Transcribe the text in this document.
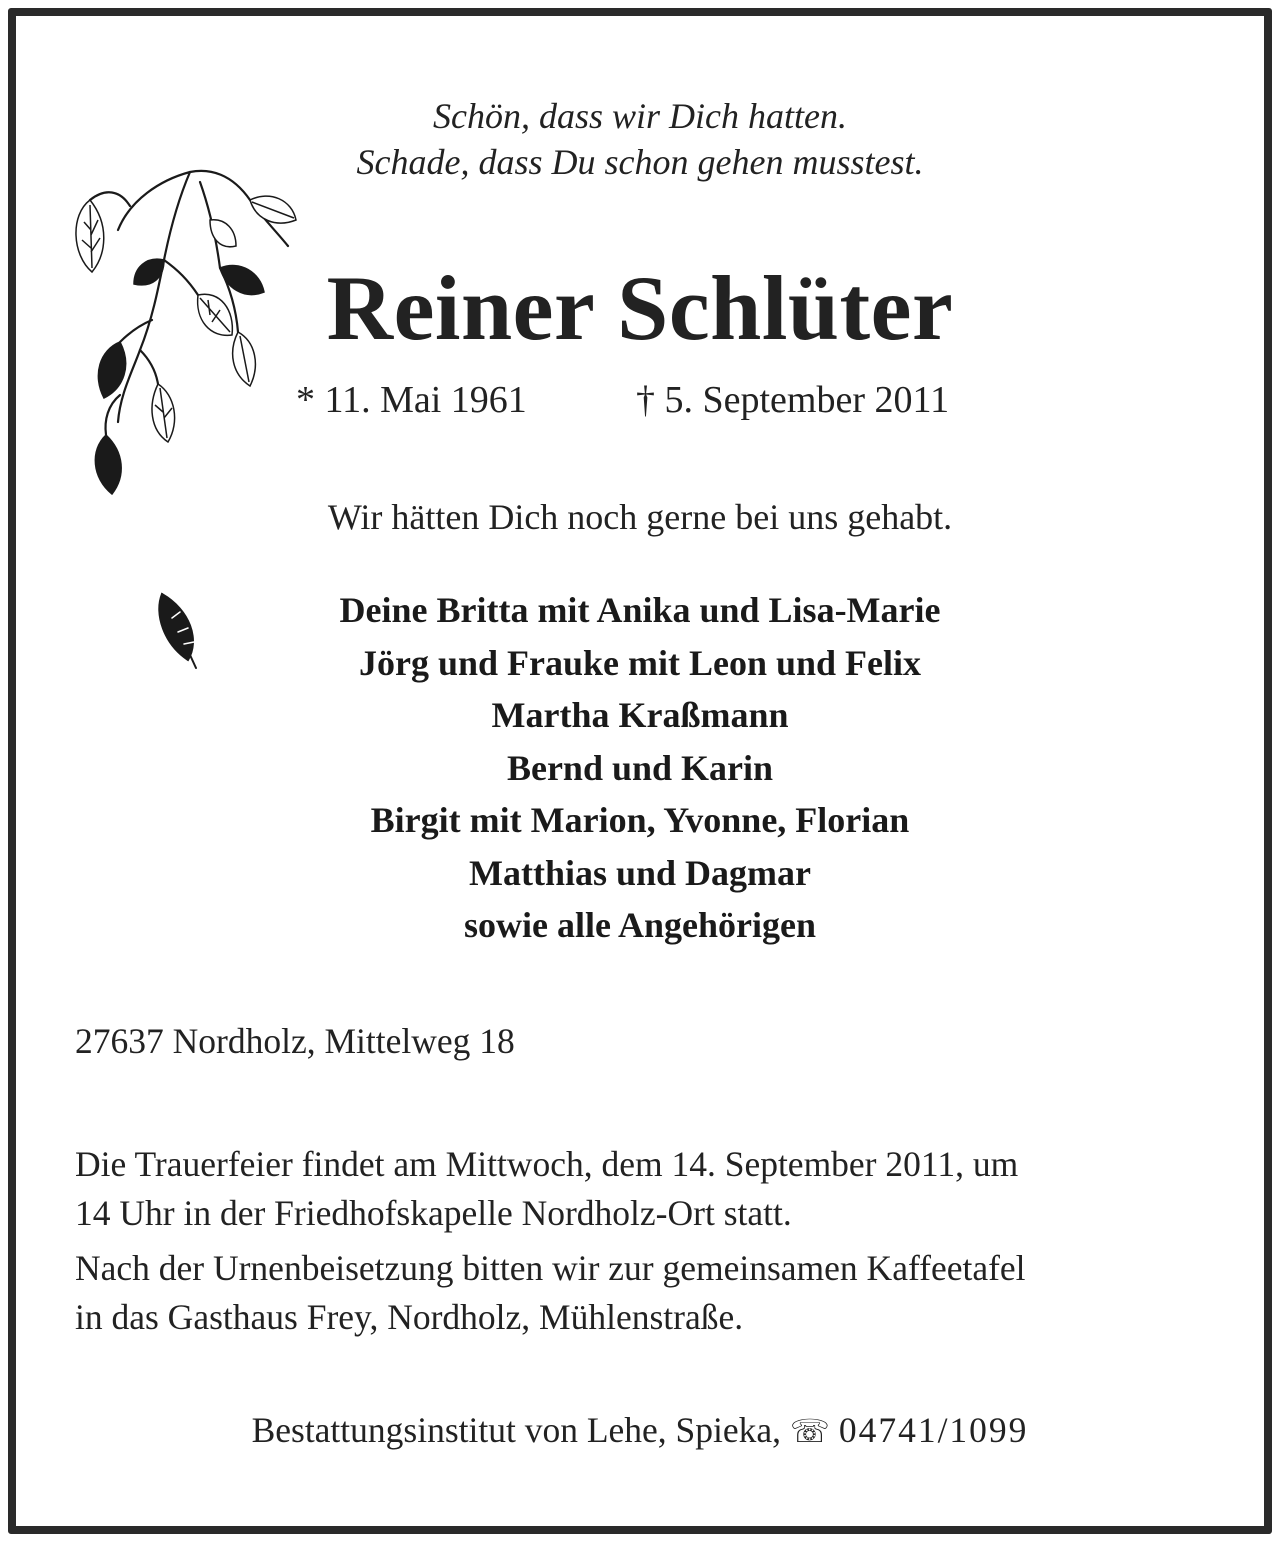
Schön, dass wir Dich hatten.
Schade, dass Du schon gehen musstest.
Reiner Schlüter
* 11. Mai 1961	† 5. September 2011
Wir hätten Dich noch gerne bei uns gehabt.
Deine Britta mit Anika und Lisa-Marie
Jörg und Frauke mit Leon und Felix
Martha Kraßmann
Bernd und Karin
Birgit mit Marion, Yvonne, Florian
Matthias und Dagmar
sowie alle Angehörigen
27637 Nordholz, Mittelweg 18
Die Trauerfeier findet am Mittwoch, dem 14. September 2011, um
14 Uhr in der Friedhofskapelle Nordholz-Ort statt.
Nach der Urnenbeisetzung bitten wir zur gemeinsamen Kaffeetafel
in das Gasthaus Frey, Nordholz, Mühlenstraße.
Bestattungsinstitut von Lehe, Spieka, ☏ 04741/1099
